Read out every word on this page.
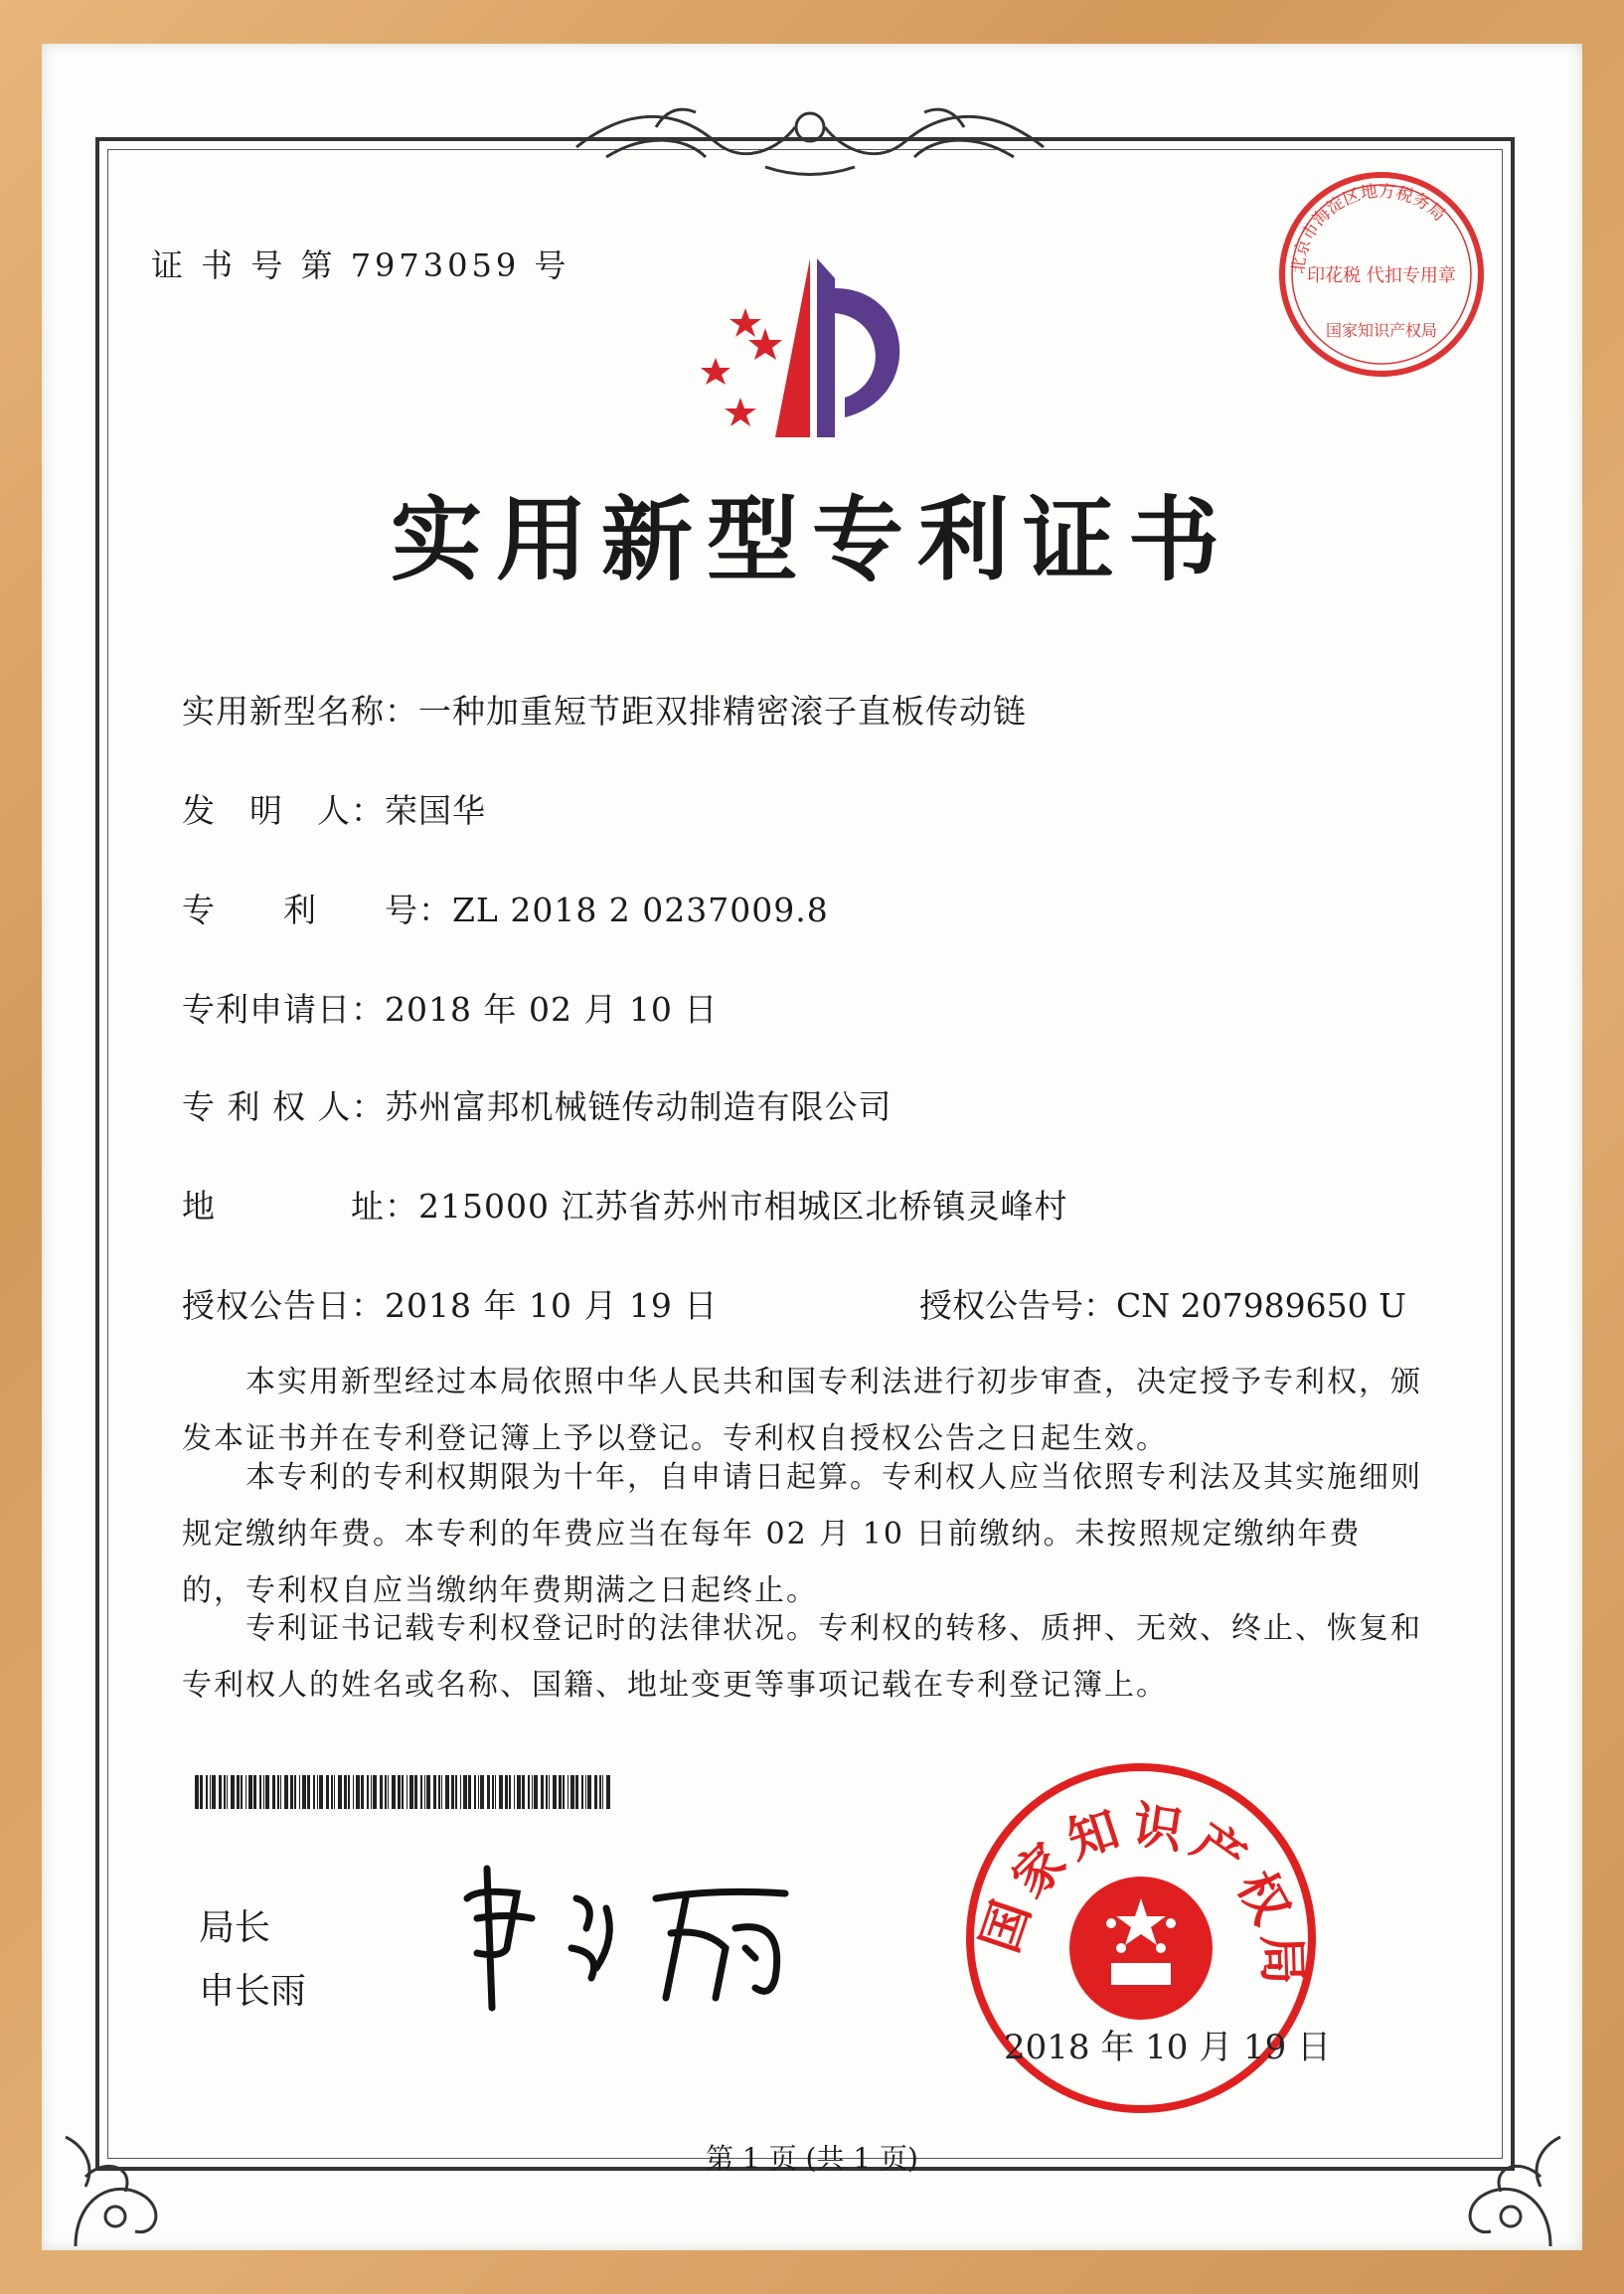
证 书 号 第 7973059 号	北京市海淀区地方税务局
印花税 代扣专用章
国家知识产权局
实用新型专利证书
实用新型名称：一种加重短节距双排精密滚子直板传动链
发　明　人：荣国华
专　　利　　号：ZL 2018 2 0237009.8
专利申请日：2018 年 02 月 10 日
专 利 权 人：苏州富邦机械链传动制造有限公司
地　　　　址：215000 江苏省苏州市相城区北桥镇灵峰村
授权公告日：2018 年 10 月 19 日	授权公告号：CN 207989650 U
本实用新型经过本局依照中华人民共和国专利法进行初步审查，决定授予专利权，颁发本证书并在专利登记簿上予以登记。专利权自授权公告之日起生效。
本专利的专利权期限为十年，自申请日起算。专利权人应当依照专利法及其实施细则规定缴纳年费。本专利的年费应当在每年 02 月 10 日前缴纳。未按照规定缴纳年费的，专利权自应当缴纳年费期满之日起终止。
专利证书记载专利权登记时的法律状况。专利权的转移、质押、无效、终止、恢复和专利权人的姓名或名称、国籍、地址变更等事项记载在专利登记簿上。
局长
申长雨
国家知识产权局
2018 年 10 月 19 日
第 1 页 (共 1 页)
